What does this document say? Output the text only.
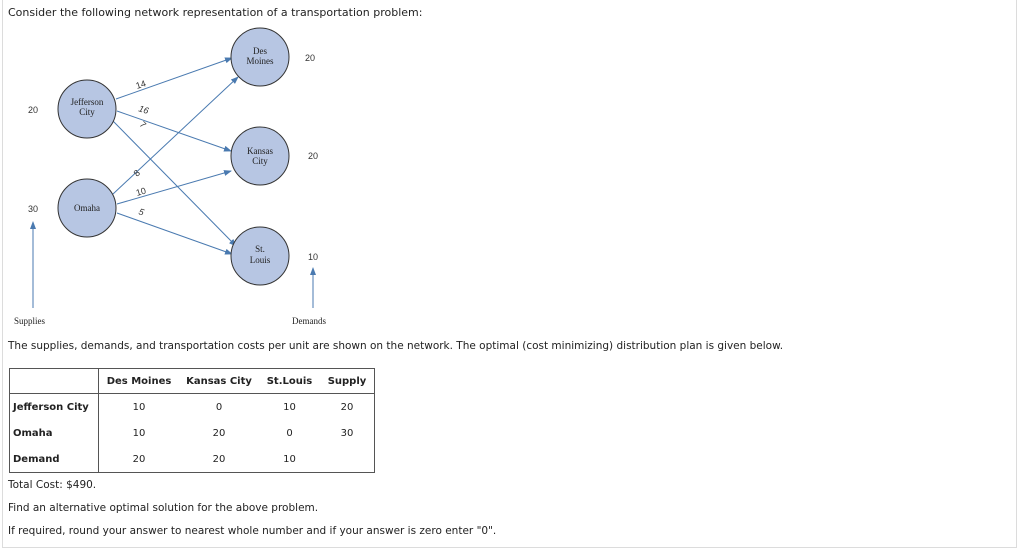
Consider the following network representation of a transportation problem:
14
16
7
8
10
5
Jefferson
City
Omaha
Des
Moines
Kansas
City
St.
Louis
20
30
20
20
10
Supplies	Demands
The supplies, demands, and transportation costs per unit are shown on the network. The optimal (cost minimizing) distribution plan is given below.
	Des Moines	Kansas City	St.Louis	Supply
Jefferson City	10	0	10	20
Omaha	10	20	0	30
Demand	20	20	10	
Total Cost: $490.
Find an alternative optimal solution for the above problem.
If required, round your answer to nearest whole number and if your answer is zero enter "0".
